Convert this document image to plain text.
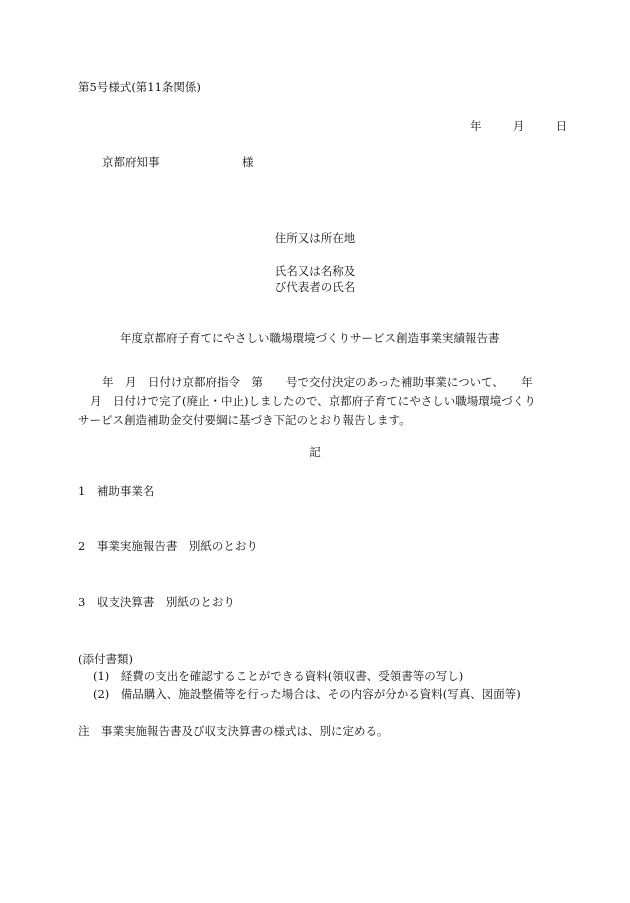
第5号様式(第11条関係)
年	月	日
京都府知事	様
住所又は所在地
氏名又は名称及
び代表者の氏名
年度京都府子育てにやさしい職場環境づくりサービス創造事業実績報告書
年　月　日付け京都府指令　第　　号で交付決定のあった補助事業について、　　年
月　日付けで完了(廃止・中止)しましたので、京都府子育てにやさしい職場環境づくり
サービス創造補助金交付要綱に基づき下記のとおり報告します。
記
1　補助事業名
2　事業実施報告書　別紙のとおり
3　収支決算書　別紙のとおり
(添付書類)
(1)　経費の支出を確認することができる資料(領収書、受領書等の写し)
(2)　備品購入、施設整備等を行った場合は、その内容が分かる資料(写真、図面等)
注　事業実施報告書及び収支決算書の様式は、別に定める。
